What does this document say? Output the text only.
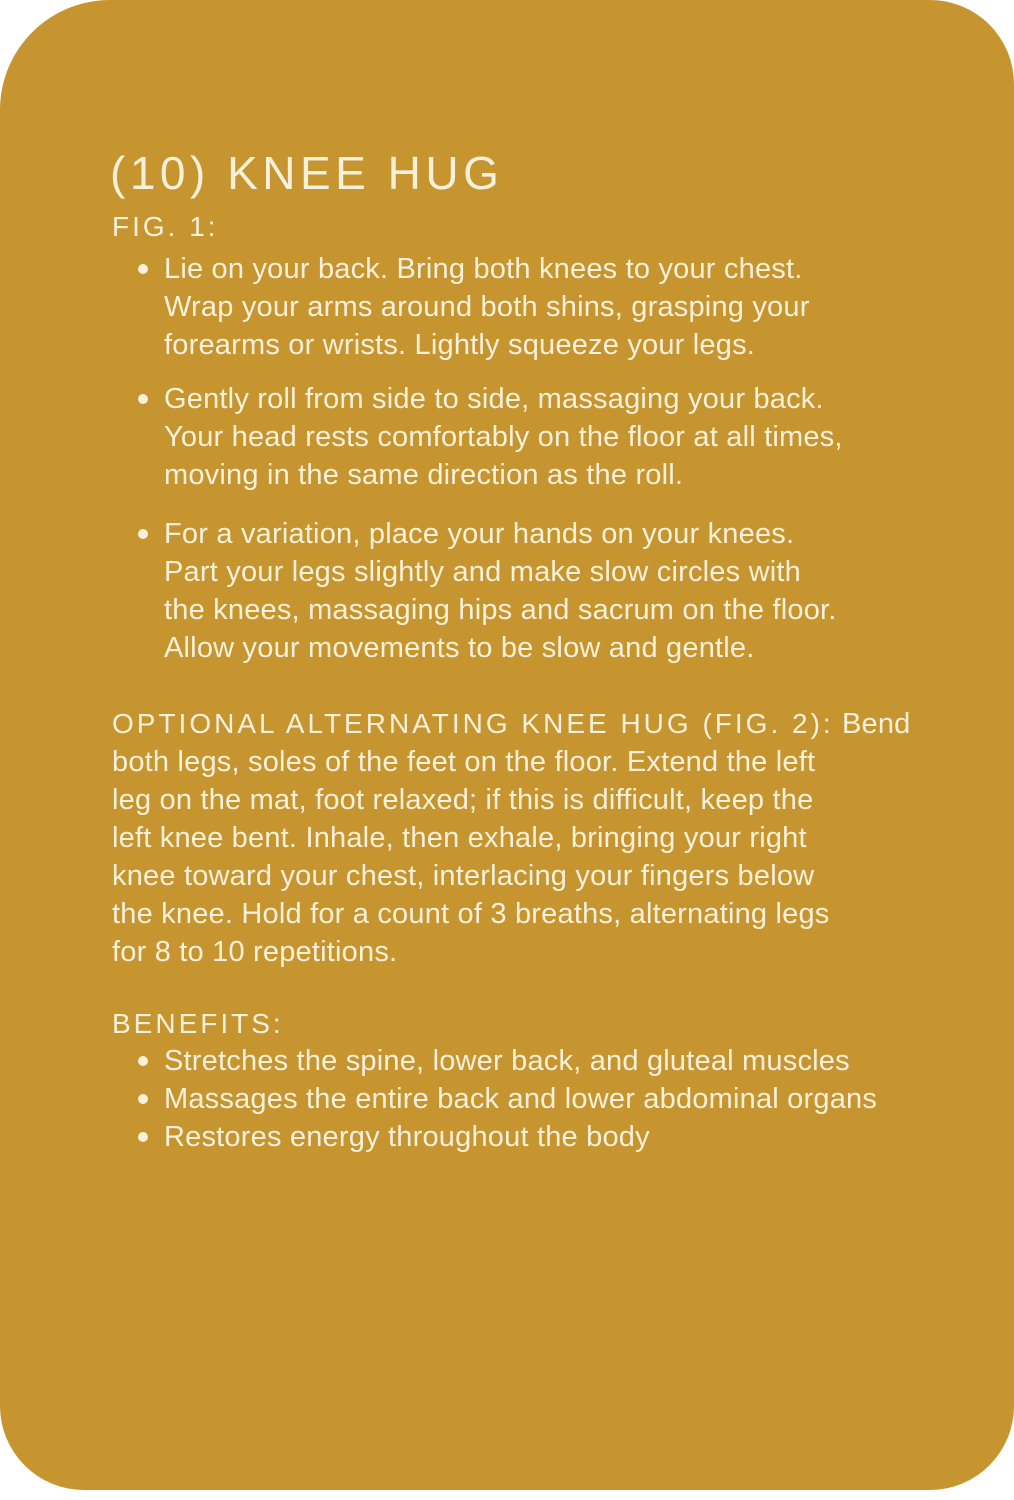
(10) KNEE HUG
FIG. 1:
Lie on your back. Bring both knees to your chest.
Wrap your arms around both shins, grasping your
forearms or wrists. Lightly squeeze your legs.
Gently roll from side to side, massaging your back.
Your head rests comfortably on the floor at all times,
moving in the same direction as the roll.
For a variation, place your hands on your knees.
Part your legs slightly and make slow circles with
the knees, massaging hips and sacrum on the floor.
Allow your movements to be slow and gentle.
OPTIONAL ALTERNATING KNEE HUG (FIG. 2): Bend
both legs, soles of the feet on the floor. Extend the left
leg on the mat, foot relaxed; if this is difficult, keep the
left knee bent. Inhale, then exhale, bringing your right
knee toward your chest, interlacing your fingers below
the knee. Hold for a count of 3 breaths, alternating legs
for 8 to 10 repetitions.
BENEFITS:
Stretches the spine, lower back, and gluteal muscles
Massages the entire back and lower abdominal organs
Restores energy throughout the body
